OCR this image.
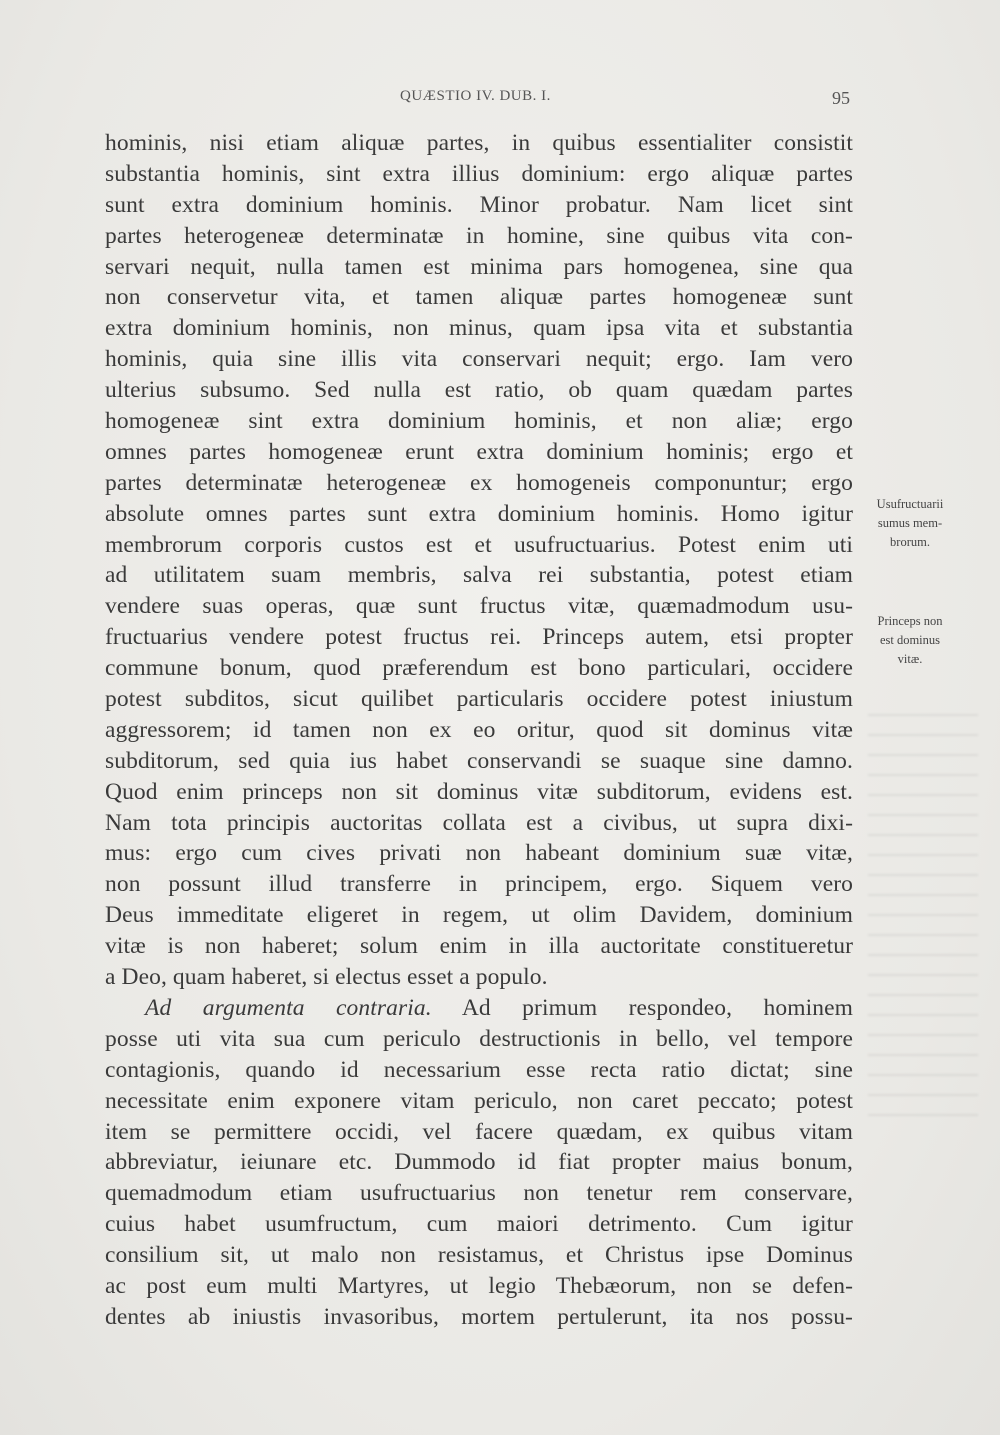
QUÆSTIO IV. DUB. I.	95
hominis, nisi etiam aliquæ partes, in quibus essentialiter consistit
substantia hominis, sint extra illius dominium: ergo aliquæ partes
sunt extra dominium hominis. Minor probatur. Nam licet sint
partes heterogeneæ determinatæ in homine, sine quibus vita con-
servari nequit, nulla tamen est minima pars homogenea, sine qua
non conservetur vita, et tamen aliquæ partes homogeneæ sunt
extra dominium hominis, non minus, quam ipsa vita et substantia
hominis, quia sine illis vita conservari nequit; ergo. Iam vero
ulterius subsumo. Sed nulla est ratio, ob quam quædam partes
homogeneæ sint extra dominium hominis, et non aliæ; ergo
omnes partes homogeneæ erunt extra dominium hominis; ergo et
partes determinatæ heterogeneæ ex homogeneis componuntur; ergo
absolute omnes partes sunt extra dominium hominis. Homo igitur
membrorum corporis custos est et usufructuarius. Potest enim uti
ad utilitatem suam membris, salva rei substantia, potest etiam
vendere suas operas, quæ sunt fructus vitæ, quæmadmodum usu-
fructuarius vendere potest fructus rei. Princeps autem, etsi propter
commune bonum, quod præferendum est bono particulari, occidere
potest subditos, sicut quilibet particularis occidere potest iniustum
aggressorem; id tamen non ex eo oritur, quod sit dominus vitæ
subditorum, sed quia ius habet conservandi se suaque sine damno.
Quod enim princeps non sit dominus vitæ subditorum, evidens est.
Nam tota principis auctoritas collata est a civibus, ut supra dixi-
mus: ergo cum cives privati non habeant dominium suæ vitæ,
non possunt illud transferre in principem, ergo. Siquem vero
Deus immeditate eligeret in regem, ut olim Davidem, dominium
vitæ is non haberet; solum enim in illa auctoritate constitueretur
a Deo, quam haberet, si electus esset a populo.
Ad argumenta contraria. Ad primum respondeo, hominem
posse uti vita sua cum periculo destructionis in bello, vel tempore
contagionis, quando id necessarium esse recta ratio dictat; sine
necessitate enim exponere vitam periculo, non caret peccato; potest
item se permittere occidi, vel facere quædam, ex quibus vitam
abbreviatur, ieiunare etc. Dummodo id fiat propter maius bonum,
quemadmodum etiam usufructuarius non tenetur rem conservare,
cuius habet usumfructum, cum maiori detrimento. Cum igitur
consilium sit, ut malo non resistamus, et Christus ipse Dominus
ac post eum multi Martyres, ut legio Thebæorum, non se defen-
dentes ab iniustis invasoribus, mortem pertulerunt, ita nos possu-
Usufructuarii
sumus mem-
brorum.
Princeps non
est dominus
vitæ.
